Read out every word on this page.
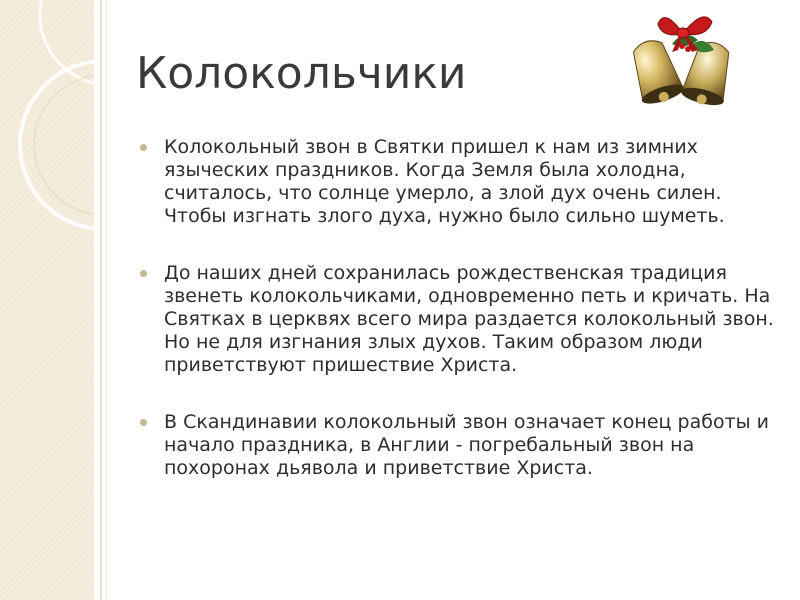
Колокольчики
Колокольный звон в Святки пришел к нам из зимних языческих праздников. Когда Земля была холодна, считалось, что солнце умерло, а злой дух очень силен. Чтобы изгнать злого духа, нужно было сильно шуметь.
До наших дней сохранилась рождественская традиция звенеть колокольчиками, одновременно петь и кричать. На Святках в церквях всего мира раздается колокольный звон. Но не для изгнания злых духов. Таким образом люди приветствуют пришествие Христа.
В Скандинавии колокольный звон означает конец работы и начало праздника, в Англии - погребальный звон на похоронах дьявола и приветствие Христа.
